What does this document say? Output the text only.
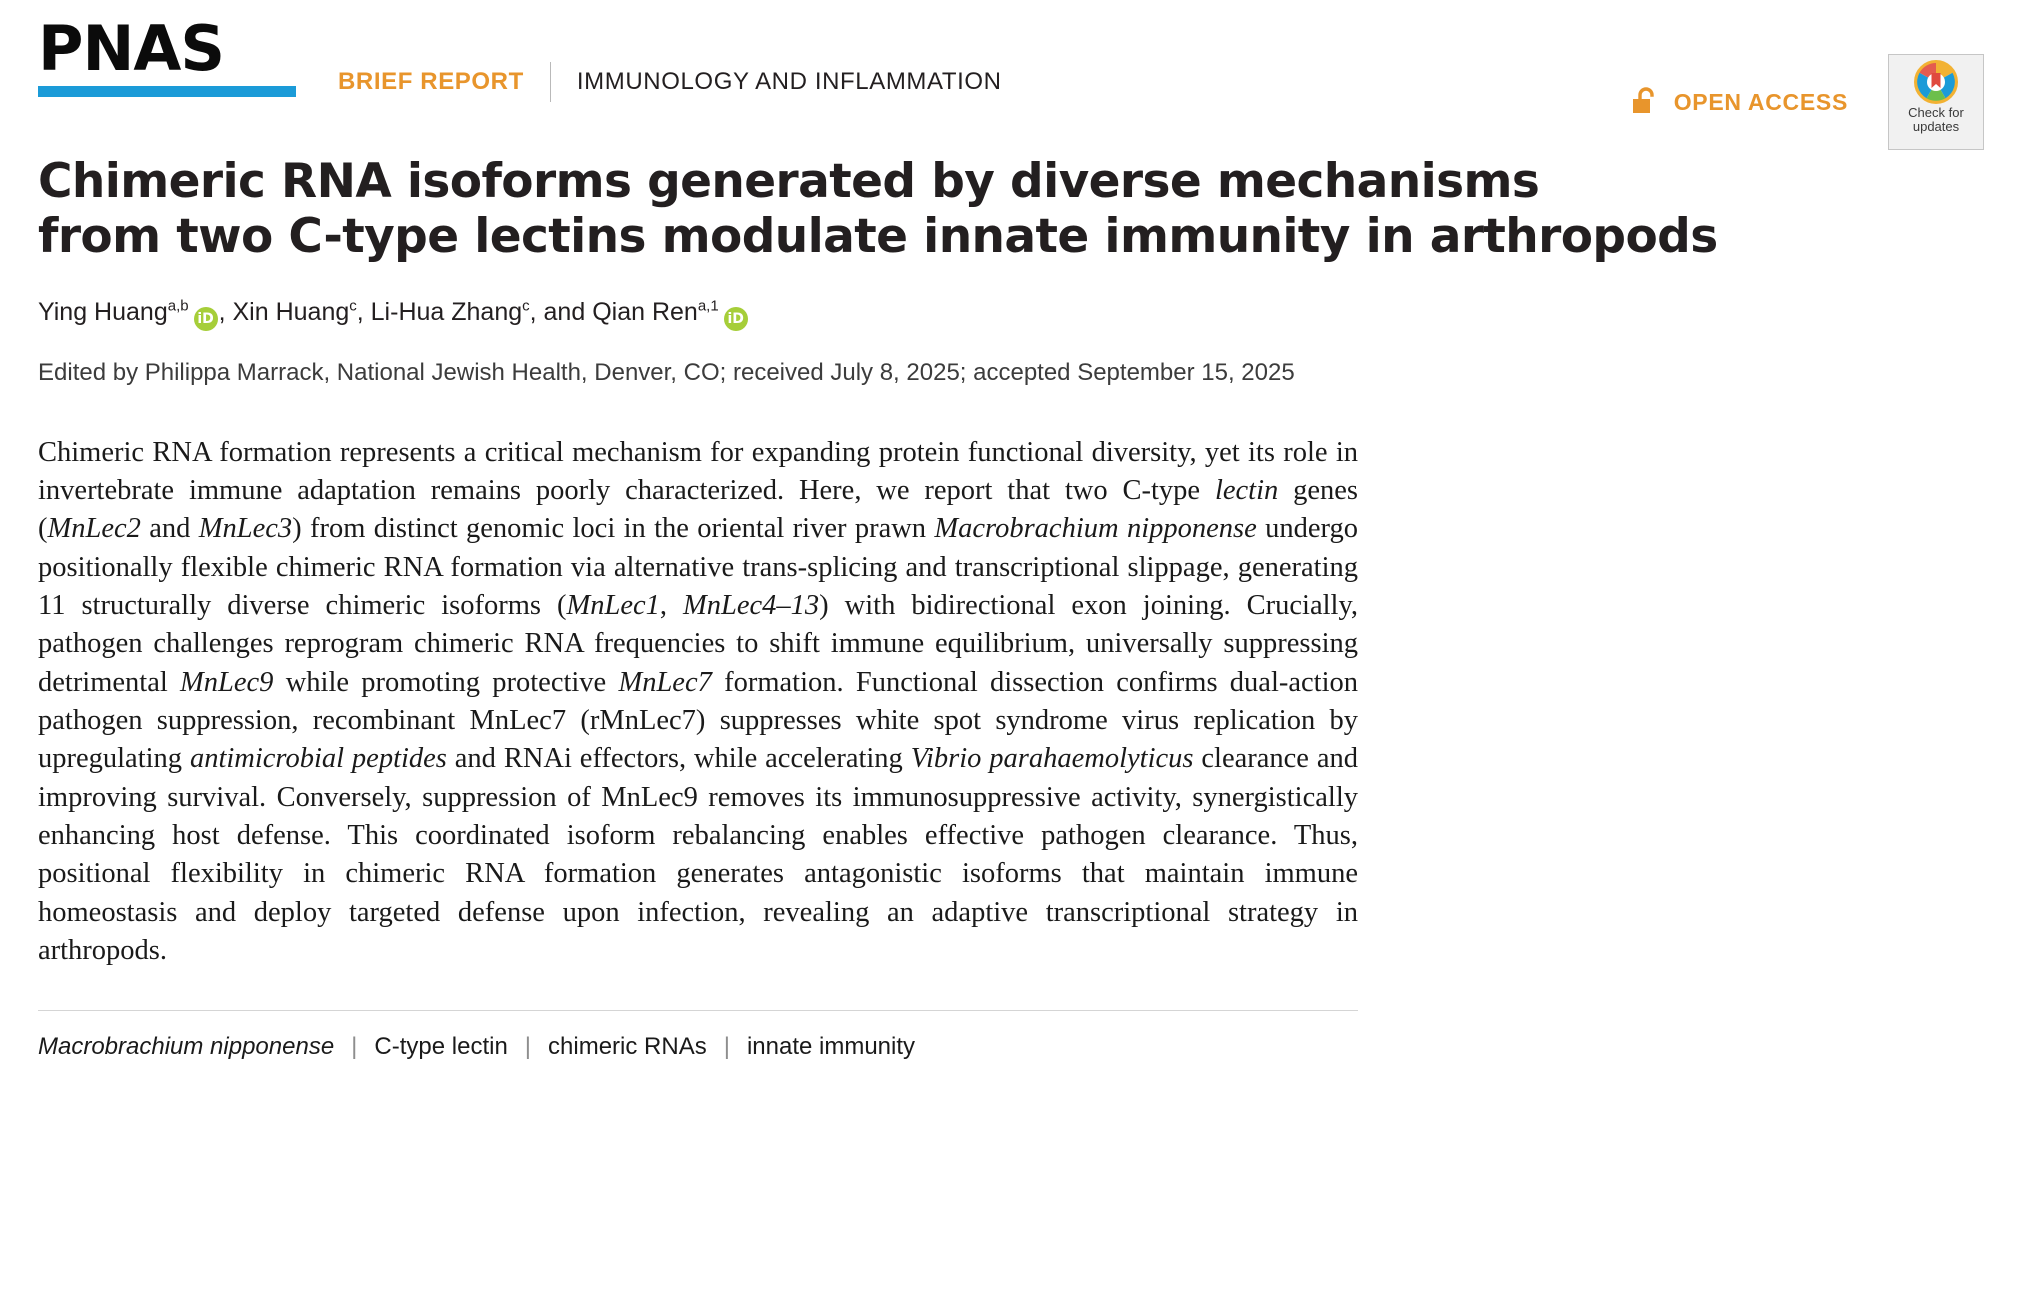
PNAS	BRIEF REPORT IMMUNOLOGY AND INFLAMMATION
OPEN ACCESS	Check for
updates
Chimeric RNA isoforms generated by diverse mechanisms
from two C-type lectins modulate innate immunity in arthropods
Ying Huang$^{a,b}$iD , Xin Huang$^c$, Li-Hua Zhang$^c$, and Qian Ren$^{a,1}$iD
Edited by Philippa Marrack, National Jewish Health, Denver, CO; received July 8, 2025; accepted September 15, 2025
Chimeric RNA formation represents a critical mechanism for expanding protein functional diversity, yet its role in invertebrate immune adaptation remains poorly characterized. Here, we report that two C-type lectin genes (MnLec2 and MnLec3) from distinct genomic loci in the oriental river prawn Macrobrachium nipponense undergo positionally flexible chimeric RNA formation via alternative trans-splicing and transcriptional slippage, generating 11 structurally diverse chimeric isoforms (MnLec1, MnLec4–13) with bidirectional exon joining. Crucially, pathogen challenges reprogram chimeric RNA frequencies to shift immune equilibrium, universally suppressing detrimental MnLec9 while promoting protective MnLec7 formation. Functional dissection confirms dual-action pathogen suppression, recombinant MnLec7 (rMnLec7) suppresses white spot syndrome virus replication by upregulating antimicrobial peptides and RNAi effectors, while accelerating Vibrio parahaemolyticus clearance and improving survival. Conversely, suppression of MnLec9 removes its immunosuppressive activity, synergistically enhancing host defense. This coordinated isoform rebalancing enables effective pathogen clearance. Thus, positional flexibility in chimeric RNA formation generates antagonistic isoforms that maintain immune homeostasis and deploy targeted defense upon infection, revealing an adaptive transcriptional strategy in arthropods.
Macrobrachium nipponense | C-type lectin | chimeric RNAs | innate immunity
